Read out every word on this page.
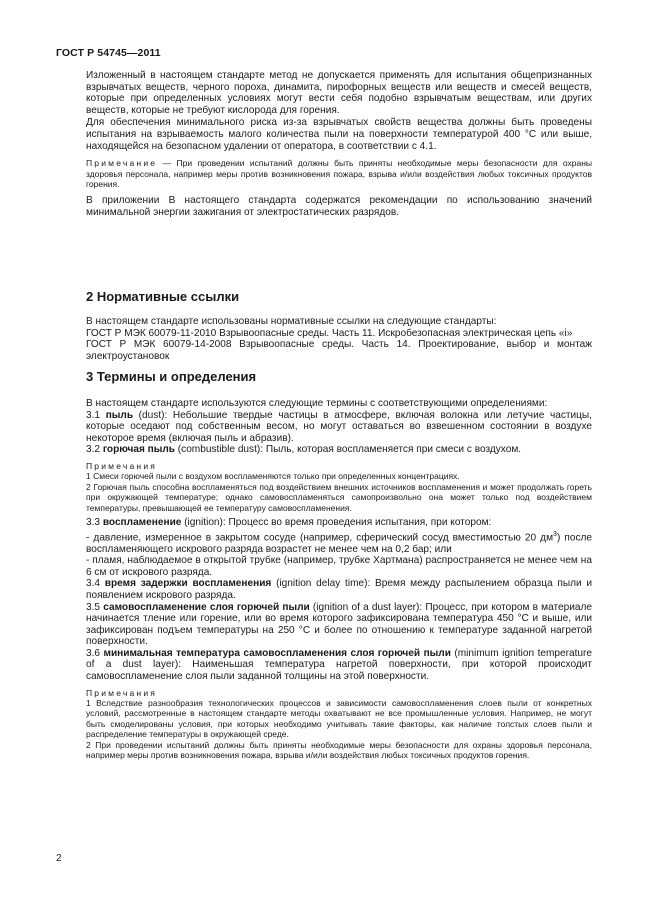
ГОСТ Р 54745—2011

Изложенный в настоящем стандарте метод не допускается применять для испытания общепризнанных взрывчатых веществ, черного пороха, динамита, пирофорных веществ или веществ и смесей веществ, которые при определенных условиях могут вести себя подобно взрывчатым веществам, или других веществ, которые не требуют кислорода для горения.

Для обеспечения минимального риска из-за взрывчатых свойств вещества должны быть проведены испытания на взрываемость малого количества пыли на поверхности температурой 400 °С или выше, находящейся на безопасном удалении от оператора, в соответствии с 4.1.

Примечание — При проведении испытаний должны быть приняты необходимые меры безопасности для охраны здоровья персонала, например меры против возникновения пожара, взрыва и/или воздействия любых токсичных продуктов горения.

В приложении В настоящего стандарта содержатся рекомендации по использованию значений минимальной энергии зажигания от электростатических разрядов.

2 Нормативные ссылки

В настоящем стандарте использованы нормативные ссылки на следующие стандарты:

ГОСТ Р МЭК 60079-11-2010 Взрывоопасные среды. Часть 11. Искробезопасная электрическая цепь «i»

ГОСТ Р МЭК 60079-14-2008 Взрывоопасные среды. Часть 14. Проектирование, выбор и монтаж электроустановок

3 Термины и определения

В настоящем стандарте используются следующие термины с соответствующими определениями:

3.1 пыль (dust): Небольшие твердые частицы в атмосфере, включая волокна или летучие частицы, которые оседают под собственным весом, но могут оставаться во взвешенном состоянии в воздухе некоторое время (включая пыль и абразив).

3.2 горючая пыль (combustible dust): Пыль, которая воспламеняется при смеси с воздухом.

Примечания

1 Смеси горючей пыли с воздухом воспламеняются только при определенных концентрациях.

2 Горючая пыль способна воспламеняться под воздействием внешних источников воспламенения и может продолжать гореть при окружающей температуре; однако самовоспламеняться самопроизвольно она может только под воздействием температуры, превышающей ее температуру самовоспламенения.

3.3 воспламенение (ignition): Процесс во время проведения испытания, при котором:

- давление, измеренное в закрытом сосуде (например, сферический сосуд вместимостью 20 $дм^3$) после воспламеняющего искрового разряда возрастет не менее чем на 0,2 бар; или

- пламя, наблюдаемое в открытой трубке (например, трубке Хартмана) распространяется не менее чем на 6 см от искрового разряда.

3.4 время задержки воспламенения (ignition delay time): Время между распылением образца пыли и появлением искрового разряда.

3.5 самовоспламенение слоя горючей пыли (ignition of a dust layer): Процесс, при котором в материале начинается тление или горение, или во время которого зафиксирована температура 450 °С и выше, или зафиксирован подъем температуры на 250 °С и более по отношению к температуре заданной нагретой поверхности.

3.6 минимальная температура самовоспламенения слоя горючей пыли (minimum ignition temperature of a dust layer): Наименьшая температура нагретой поверхности, при которой происходит самовоспламенение слоя пыли заданной толщины на этой поверхности.

Примечания

1 Вследствие разнообразия технологических процессов и зависимости самовоспламенения слоев пыли от конкретных условий, рассмотренные в настоящем стандарте методы охватывают не все промышленные условия. Например, не могут быть смоделированы условия, при которых необходимо учитывать такие факторы, как наличие толстых слоев пыли и распределение температуры в окружающей среде.

2 При проведении испытаний должны быть приняты необходимые меры безопасности для охраны здоровья персонала, например меры против возникновения пожара, взрыва и/или воздействия любых токсичных продуктов горения.

2
